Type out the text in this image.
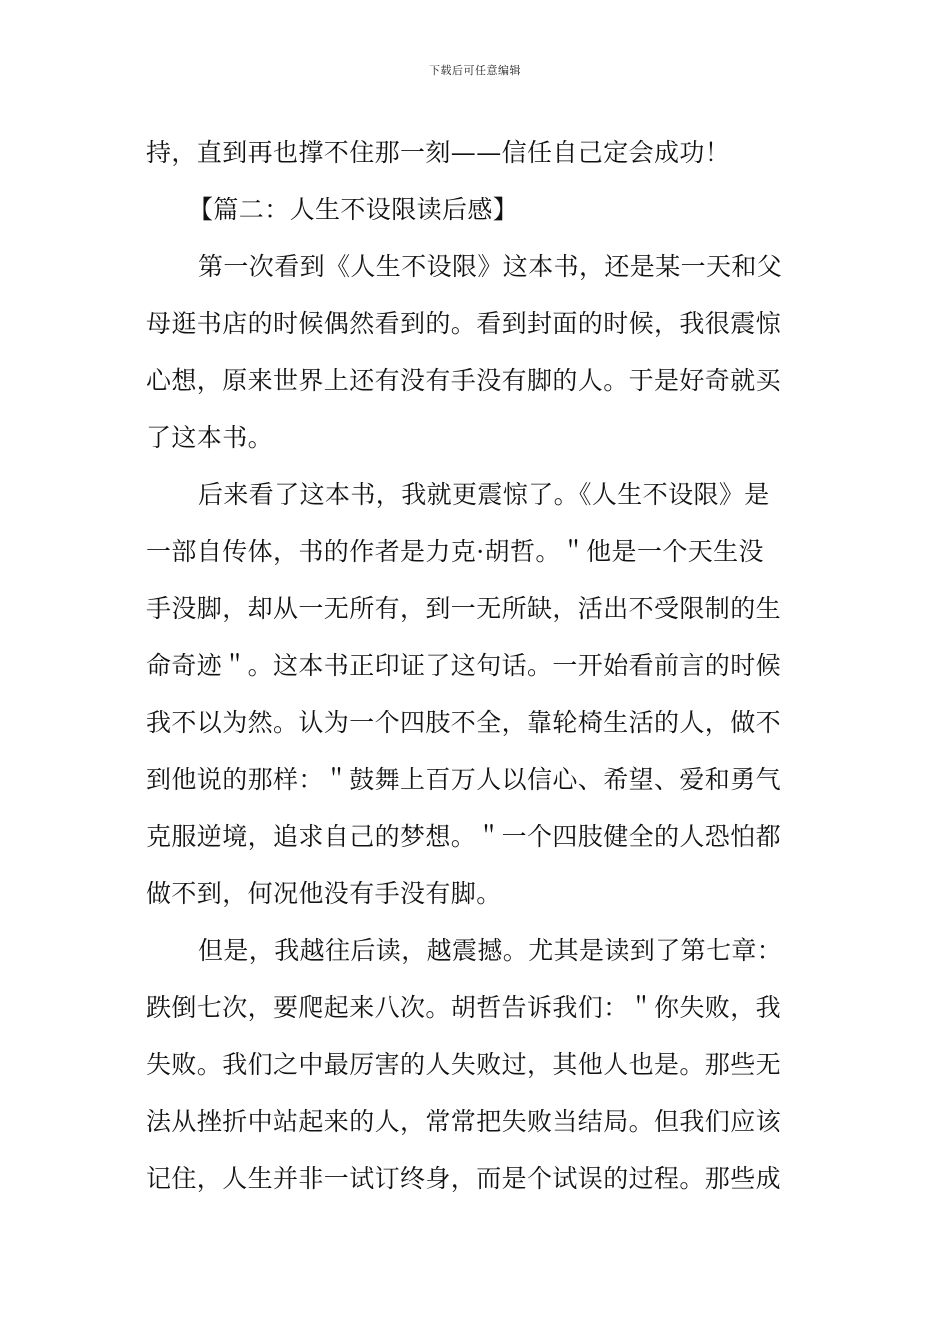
下载后可任意编辑
持，直到再也撑不住那一刻——信任自己定会成功！
【篇二：人生不设限读后感】
第一次看到《人生不设限》这本书，还是某一天和父
母逛书店的时候偶然看到的。看到封面的时候，我很震惊
心想，原来世界上还有没有手没有脚的人。于是好奇就买
了这本书。
后来看了这本书，我就更震惊了。《人生不设限》是
一部自传体，书的作者是力克·胡哲。＂他是一个天生没
手没脚，却从一无所有，到一无所缺，活出不受限制的生
命奇迹＂。这本书正印证了这句话。一开始看前言的时候
我不以为然。认为一个四肢不全，靠轮椅生活的人，做不
到他说的那样：＂鼓舞上百万人以信心、希望、爱和勇气
克服逆境，追求自己的梦想。＂一个四肢健全的人恐怕都
做不到，何况他没有手没有脚。
但是，我越往后读，越震撼。尤其是读到了第七章：
跌倒七次，要爬起来八次。胡哲告诉我们：＂你失败，我
失败。我们之中最厉害的人失败过，其他人也是。那些无
法从挫折中站起来的人，常常把失败当结局。但我们应该
记住，人生并非一试订终身，而是个试误的过程。那些成
